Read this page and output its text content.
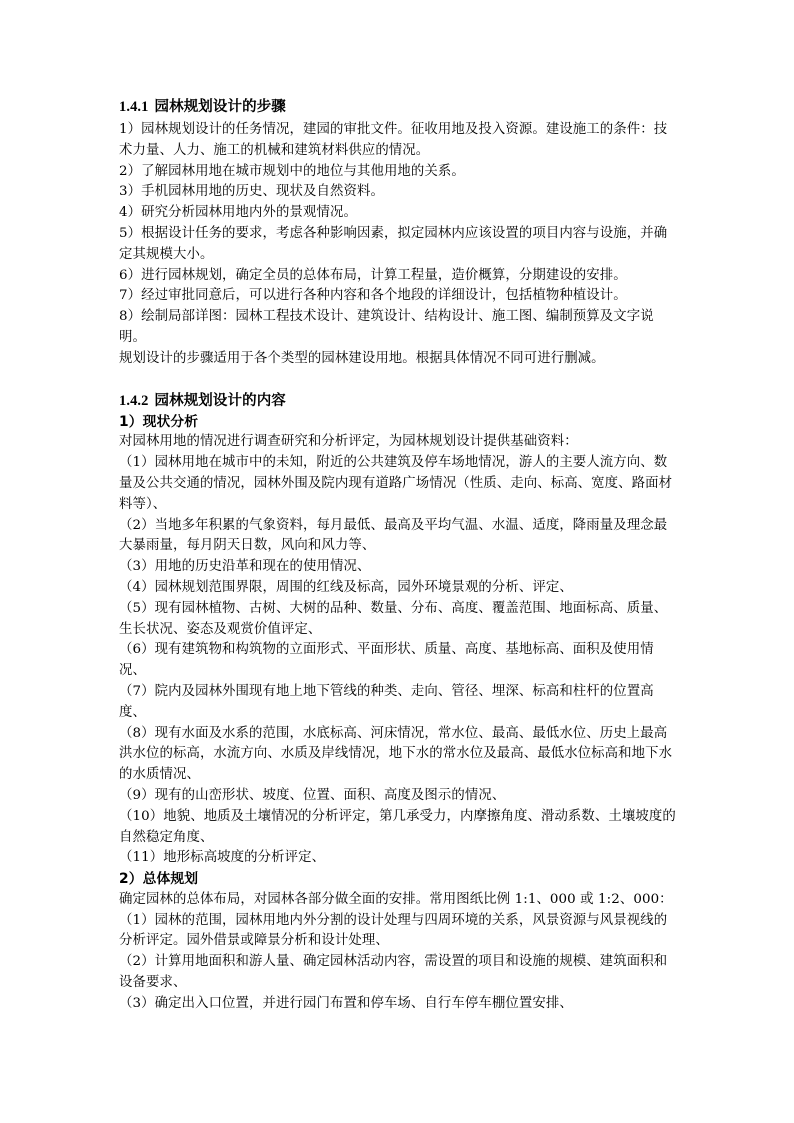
1.4.1 园林规划设计的步骤

1）园林规划设计的任务情况，建园的审批文件。征收用地及投入资源。建设施工的条件：技术力量、人力、施工的机械和建筑材料供应的情况。

2）了解园林用地在城市规划中的地位与其他用地的关系。

3）手机园林用地的历史、现状及自然资料。

4）研究分析园林用地内外的景观情况。

5）根据设计任务的要求，考虑各种影响因素，拟定园林内应该设置的项目内容与设施，并确定其规模大小。

6）进行园林规划，确定全员的总体布局，计算工程量，造价概算，分期建设的安排。

7）经过审批同意后，可以进行各种内容和各个地段的详细设计，包括植物种植设计。

8）绘制局部详图：园林工程技术设计、建筑设计、结构设计、施工图、编制预算及文字说明。

规划设计的步骤适用于各个类型的园林建设用地。根据具体情况不同可进行删减。

1.4.2 园林规划设计的内容
1）现状分析

对园林用地的情况进行调查研究和分析评定，为园林规划设计提供基础资料：

（1）园林用地在城市中的未知，附近的公共建筑及停车场地情况，游人的主要人流方向、数量及公共交通的情况，园林外围及院内现有道路广场情况（性质、走向、标高、宽度、路面材料等）、

（2）当地多年积累的气象资料，每月最低、最高及平均气温、水温、适度，降雨量及理念最大暴雨量，每月阴天日数，风向和风力等、

（3）用地的历史沿革和现在的使用情况、

（4）园林规划范围界限，周围的红线及标高，园外环境景观的分析、评定、

（5）现有园林植物、古树、大树的品种、数量、分布、高度、覆盖范围、地面标高、质量、生长状况、姿态及观赏价值评定、

（6）现有建筑物和构筑物的立面形式、平面形状、质量、高度、基地标高、面积及使用情况、

（7）院内及园林外围现有地上地下管线的种类、走向、管径、埋深、标高和柱杆的位置高度、

（8）现有水面及水系的范围，水底标高、河床情况，常水位、最高、最低水位、历史上最高洪水位的标高，水流方向、水质及岸线情况，地下水的常水位及最高、最低水位标高和地下水的水质情况、

（9）现有的山峦形状、坡度、位置、面积、高度及图示的情况、

（10）地貌、地质及土壤情况的分析评定，第几承受力，内摩擦角度、滑动系数、土壤坡度的自然稳定角度、

（11）地形标高坡度的分析评定、

2）总体规划

确定园林的总体布局，对园林各部分做全面的安排。常用图纸比例 1:1、000 或 1:2、000：

（1）园林的范围，园林用地内外分割的设计处理与四周环境的关系，风景资源与风景视线的分析评定。园外借景或障景分析和设计处理、

（2）计算用地面积和游人量、确定园林活动内容，需设置的项目和设施的规模、建筑面积和设备要求、

（3）确定出入口位置，并进行园门布置和停车场、自行车停车棚位置安排、
